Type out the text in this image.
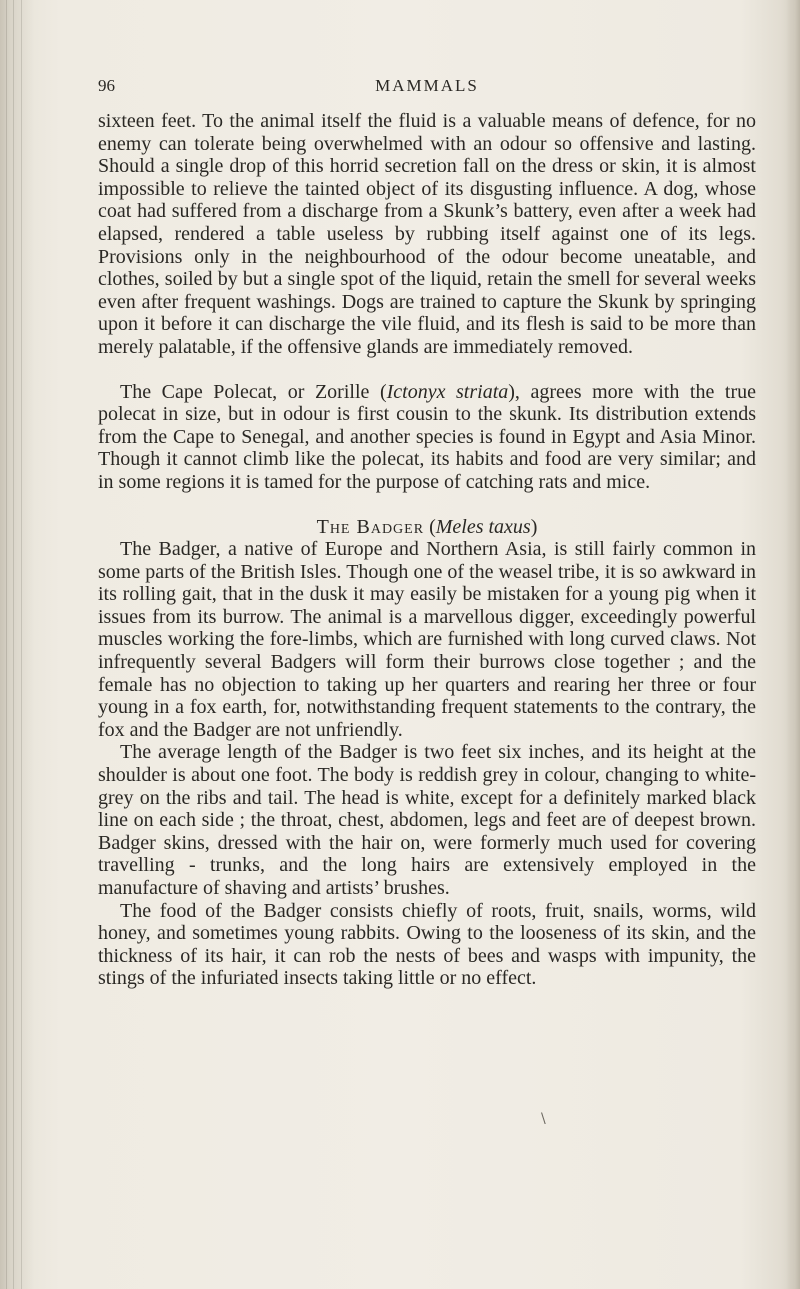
96	MAMMALS

sixteen feet. To the animal itself the fluid is a valuable means of defence, for no enemy can tolerate being overwhelmed with an odour so offensive and lasting. Should a single drop of this horrid secretion fall on the dress or skin, it is almost impossible to relieve the tainted object of its disgusting influence. A dog, whose coat had suffered from a discharge from a Skunk’s battery, even after a week had elapsed, rendered a table useless by rubbing itself against one of its legs. Provisions only in the neighbourhood of the odour become uneatable, and clothes, soiled by but a single spot of the liquid, retain the smell for several weeks even after frequent washings. Dogs are trained to capture the Skunk by springing upon it before it can discharge the vile fluid, and its flesh is said to be more than merely palatable, if the offensive glands are immediately removed.

The Cape Polecat, or Zorille (Ictonyx striata), agrees more with the true polecat in size, but in odour is first cousin to the skunk. Its distribution extends from the Cape to Senegal, and another species is found in Egypt and Asia Minor. Though it cannot climb like the polecat, its habits and food are very similar; and in some regions it is tamed for the purpose of catching rats and mice.

The Badger (Meles taxus)

The Badger, a native of Europe and Northern Asia, is still fairly common in some parts of the British Isles. Though one of the weasel tribe, it is so awkward in its rolling gait, that in the dusk it may easily be mistaken for a young pig when it issues from its burrow. The animal is a marvellous digger, exceedingly powerful muscles working the fore-limbs, which are furnished with long curved claws. Not infrequently several Badgers will form their burrows close together ; and the female has no objection to taking up her quarters and rearing her three or four young in a fox earth, for, notwithstanding frequent statements to the contrary, the fox and the Badger are not unfriendly.

The average length of the Badger is two feet six inches, and its height at the shoulder is about one foot. The body is reddish grey in colour, changing to white-grey on the ribs and tail. The head is white, except for a definitely marked black line on each side ; the throat, chest, abdomen, legs and feet are of deepest brown. Badger skins, dressed with the hair on, were formerly much used for covering travelling - trunks, and the long hairs are extensively employed in the manufacture of shaving and artists’ brushes.

The food of the Badger consists chiefly of roots, fruit, snails, worms, wild honey, and sometimes young rabbits. Owing to the looseness of its skin, and the thickness of its hair, it can rob the nests of bees and wasps with impunity, the stings of the infuriated insects taking little or no effect.

\
